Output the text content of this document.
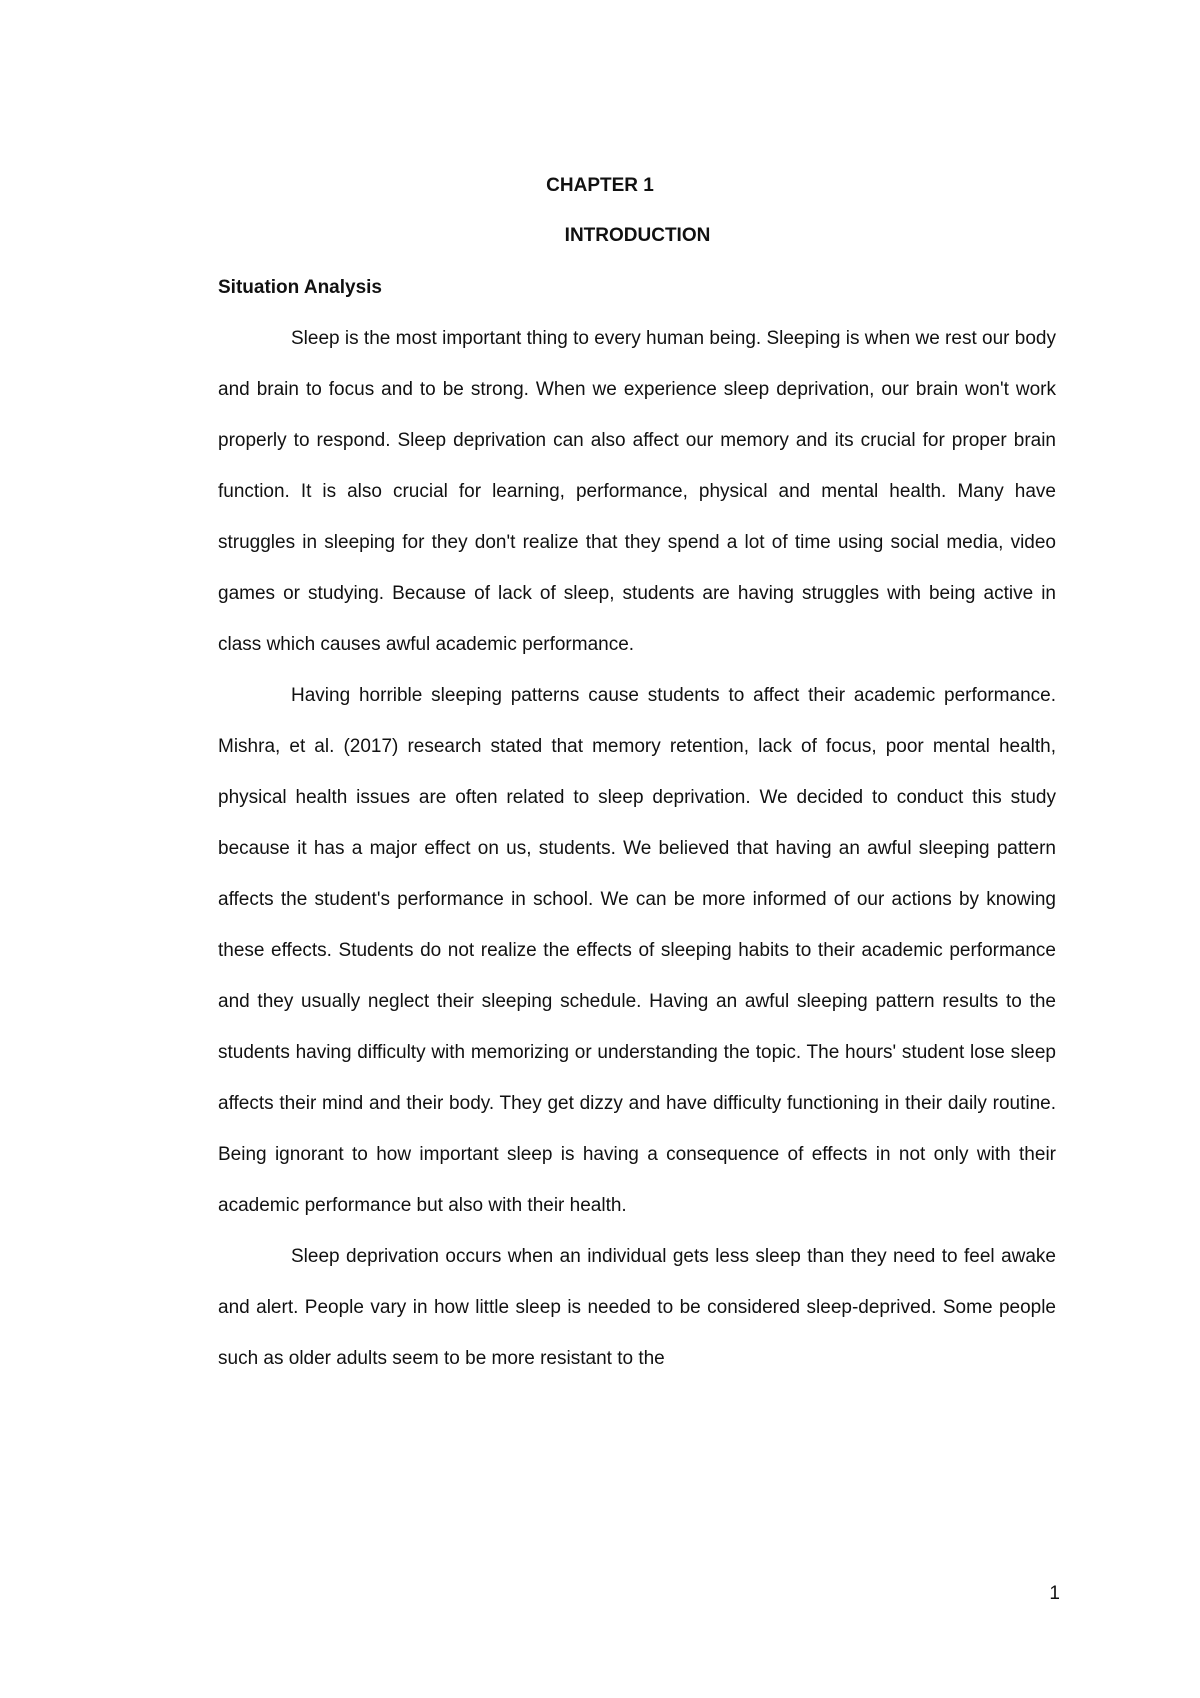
CHAPTER 1
INTRODUCTION
Situation Analysis

Sleep is the most important thing to every human being. Sleeping is when we rest our body and brain to focus and to be strong. When we experience sleep deprivation, our brain won't work properly to respond. Sleep deprivation can also affect our memory and its crucial for proper brain function. It is also crucial for learning, performance, physical and mental health. Many have struggles in sleeping for they don't realize that they spend a lot of time using social media, video games or studying. Because of lack of sleep, students are having struggles with being active in class which causes awful academic performance.

Having horrible sleeping patterns cause students to affect their academic performance. Mishra, et al. (2017) research stated that memory retention, lack of focus, poor mental health, physical health issues are often related to sleep deprivation. We decided to conduct this study because it has a major effect on us, students. We believed that having an awful sleeping pattern affects the student's performance in school. We can be more informed of our actions by knowing these effects. Students do not realize the effects of sleeping habits to their academic performance and they usually neglect their sleeping schedule. Having an awful sleeping pattern results to the students having difficulty with memorizing or understanding the topic. The hours' student lose sleep affects their mind and their body. They get dizzy and have difficulty functioning in their daily routine. Being ignorant to how important sleep is having a consequence of effects in not only with their academic performance but also with their health.

Sleep deprivation occurs when an individual gets less sleep than they need to feel awake and alert. People vary in how little sleep is needed to be considered sleep-deprived. Some people such as older adults seem to be more resistant to the

1
